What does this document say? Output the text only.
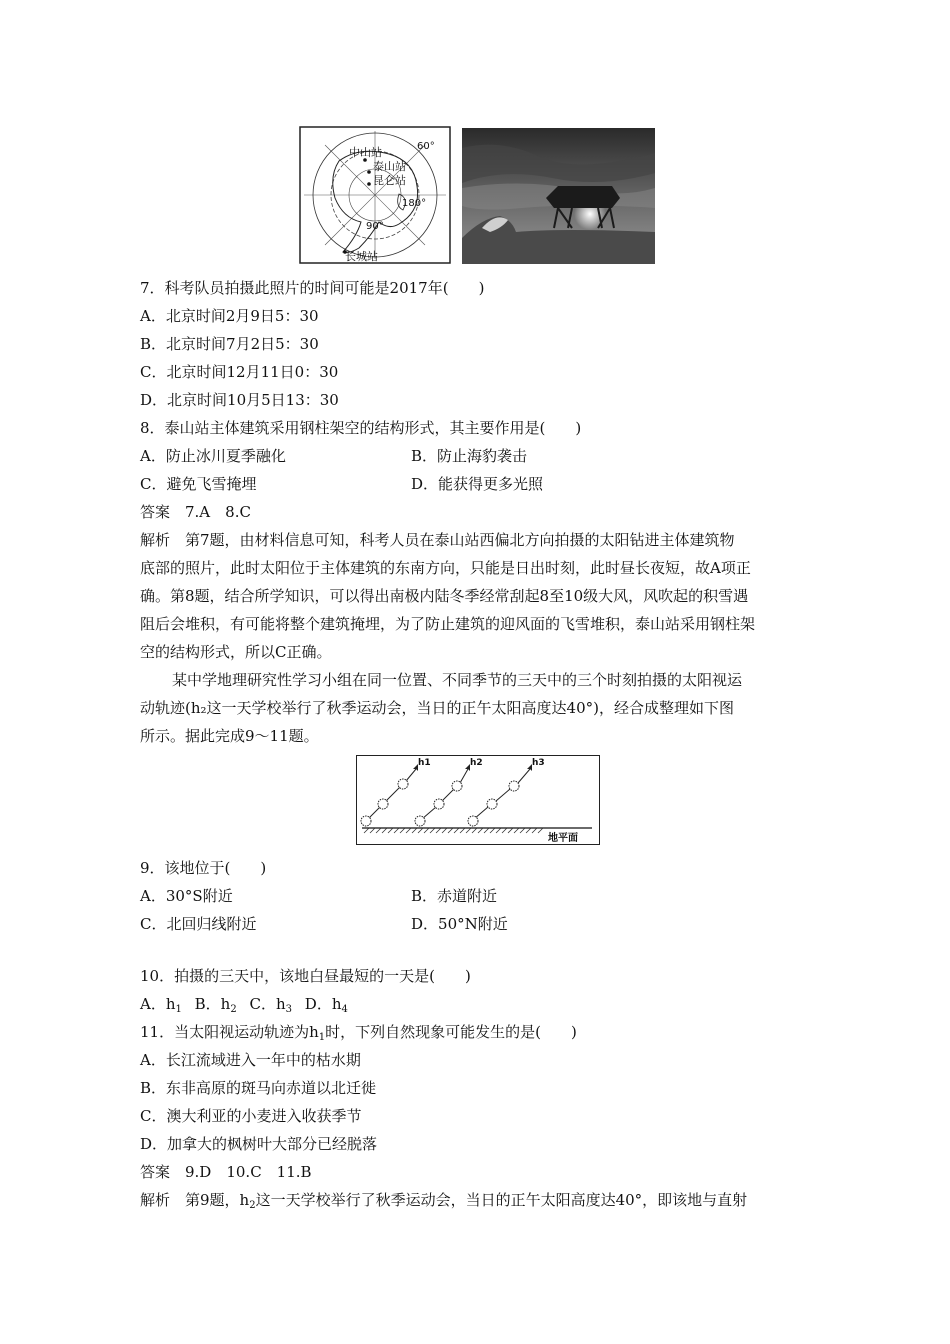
中山站
泰山站
昆仑站
60°
180°
90°
长城站
7．科考队员拍摄此照片的时间可能是2017年(　　)
A．北京时间2月9日5：30
B．北京时间7月2日5：30
C．北京时间12月11日0：30
D．北京时间10月5日13：30
8．泰山站主体建筑采用钢柱架空的结构形式，其主要作用是(　　)
A．防止冰川夏季融化	B．防止海豹袭击
C．避免飞雪掩埋	D．能获得更多光照
答案　7.A　8.C
解析　第7题，由材料信息可知，科考人员在泰山站西偏北方向拍摄的太阳钻进主体建筑物
底部的照片，此时太阳位于主体建筑的东南方向，只能是日出时刻，此时昼长夜短，故A项正
确。第8题，结合所学知识，可以得出南极内陆冬季经常刮起8至10级大风，风吹起的积雪遇
阻后会堆积，有可能将整个建筑掩埋，为了防止建筑的迎风面的飞雪堆积，泰山站采用钢柱架
空的结构形式，所以C正确。
某中学地理研究性学习小组在同一位置、不同季节的三天中的三个时刻拍摄的太阳视运
动轨迹(h₂这一天学校举行了秋季运动会，当日的正午太阳高度达40°)，经合成整理如下图
所示。据此完成9～11题。
地平面
h1	h2	h3
9．该地位于(　　)
A．30°S附近	B．赤道附近
C．北回归线附近	D．50°N附近
10．拍摄的三天中，该地白昼最短的一天是(　　)
A．$h_1$ B．$h_2$ C．$h_3$ D．$h_4$
11．当太阳视运动轨迹为$h_1$时，下列自然现象可能发生的是(　　)
A．长江流域进入一年中的枯水期
B．东非高原的斑马向赤道以北迁徙
C．澳大利亚的小麦进入收获季节
D．加拿大的枫树叶大部分已经脱落
答案　9.D　10.C　11.B
解析　第9题，$h_2$这一天学校举行了秋季运动会，当日的正午太阳高度达40°，即该地与直射
